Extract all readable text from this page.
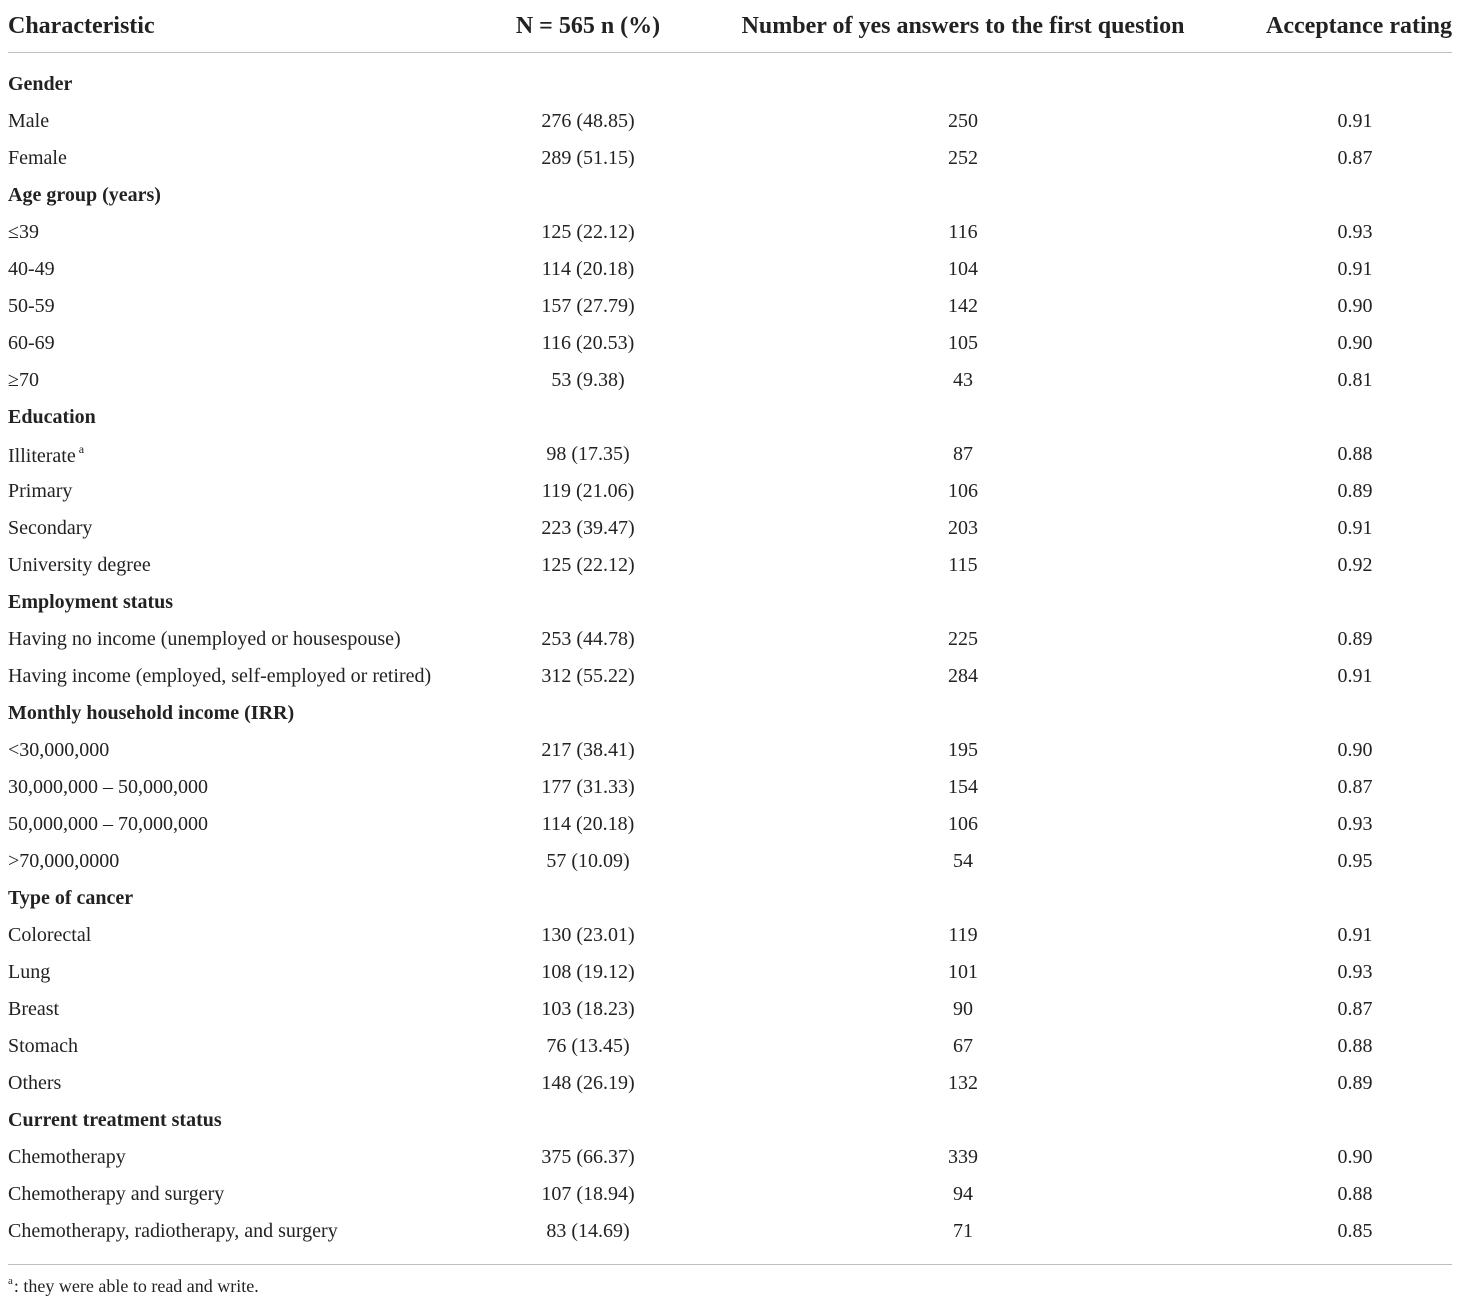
Characteristic	N = 565 n (%)	Number of yes answers to the first question	Acceptance rating

Gender			
Male	276 (48.85)	250	0.91
Female	289 (51.15)	252	0.87
Age group (years)			
≤39	125 (22.12)	116	0.93
40-49	114 (20.18)	104	0.91
50-59	157 (27.79)	142	0.90
60-69	116 (20.53)	105	0.90
≥70	53 (9.38)	43	0.81
Education			
Illiterate $^a$	98 (17.35)	87	0.88
Primary	119 (21.06)	106	0.89
Secondary	223 (39.47)	203	0.91
University degree	125 (22.12)	115	0.92
Employment status			
Having no income (unemployed or housespouse)	253 (44.78)	225	0.89
Having income (employed, self-employed or retired)	312 (55.22)	284	0.91
Monthly household income (IRR)			
<30,000,000	217 (38.41)	195	0.90
30,000,000 – 50,000,000	177 (31.33)	154	0.87
50,000,000 – 70,000,000	114 (20.18)	106	0.93
>70,000,0000	57 (10.09)	54	0.95
Type of cancer			
Colorectal	130 (23.01)	119	0.91
Lung	108 (19.12)	101	0.93
Breast	103 (18.23)	90	0.87
Stomach	76 (13.45)	67	0.88
Others	148 (26.19)	132	0.89
Current treatment status			
Chemotherapy	375 (66.37)	339	0.90
Chemotherapy and surgery	107 (18.94)	94	0.88
Chemotherapy, radiotherapy, and surgery	83 (14.69)	71	0.85
$^a$: they were able to read and write.
